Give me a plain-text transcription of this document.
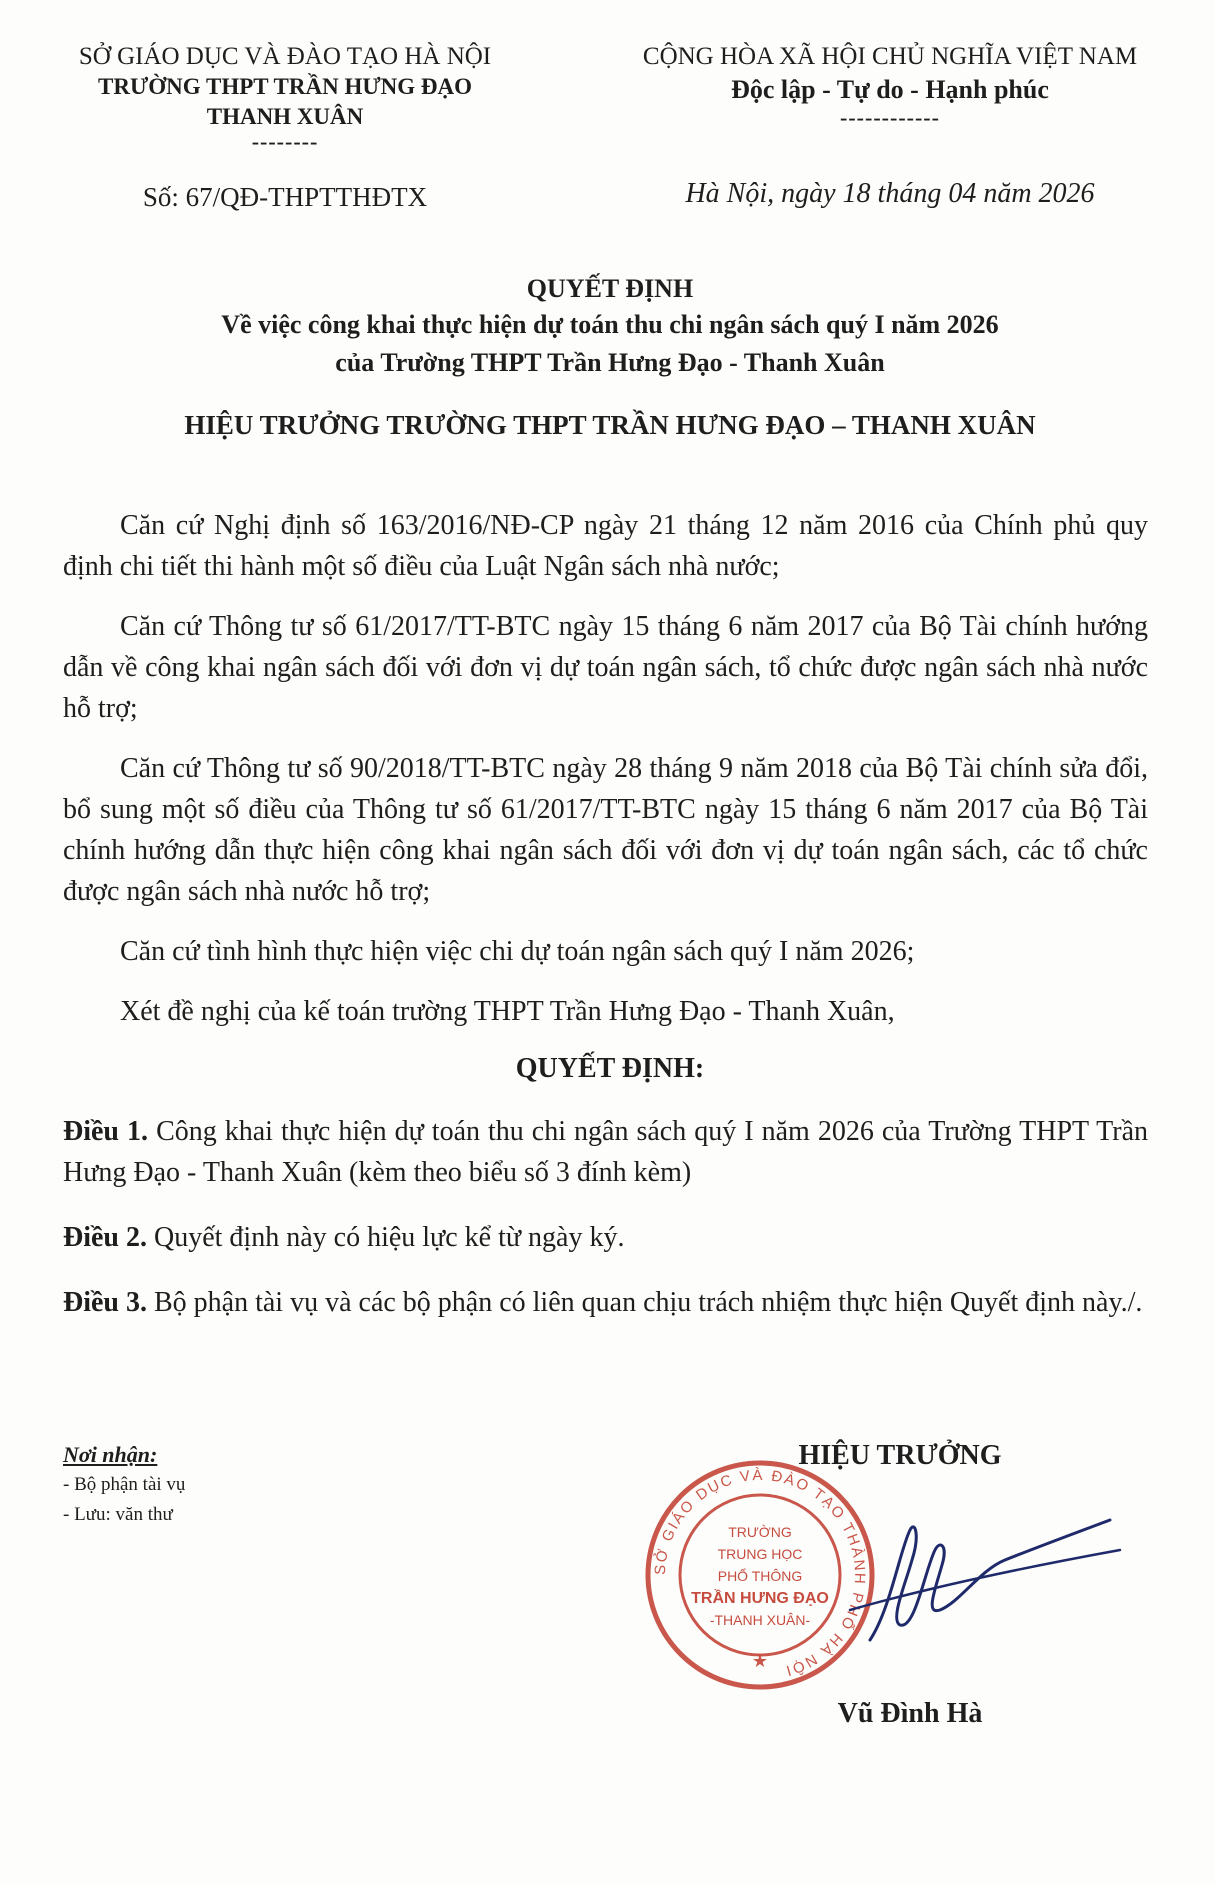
SỞ GIÁO DỤC VÀ ĐÀO TẠO HÀ NỘI
TRƯỜNG THPT TRẦN HƯNG ĐẠO
THANH XUÂN
--------
Số: 67/QĐ-THPTTHĐTX
CỘNG HÒA XÃ HỘI CHỦ NGHĨA VIỆT NAM
Độc lập - Tự do - Hạnh phúc
------------
Hà Nội, ngày 18 tháng 04 năm 2026
QUYẾT ĐỊNH
Về việc công khai thực hiện dự toán thu chi ngân sách quý I năm 2026
của Trường THPT Trần Hưng Đạo - Thanh Xuân
HIỆU TRƯỞNG TRƯỜNG THPT TRẦN HƯNG ĐẠO – THANH XUÂN

Căn cứ Nghị định số 163/2016/NĐ-CP ngày 21 tháng 12 năm 2016 của Chính phủ quy định chi tiết thi hành một số điều của Luật Ngân sách nhà nước;

Căn cứ Thông tư số 61/2017/TT-BTC ngày 15 tháng 6 năm 2017 của Bộ Tài chính hướng dẫn về công khai ngân sách đối với đơn vị dự toán ngân sách, tổ chức được ngân sách nhà nước hỗ trợ;

Căn cứ Thông tư số 90/2018/TT-BTC ngày 28 tháng 9 năm 2018 của Bộ Tài chính sửa đổi, bổ sung một số điều của Thông tư số 61/2017/TT-BTC ngày 15 tháng 6 năm 2017 của Bộ Tài chính hướng dẫn thực hiện công khai ngân sách đối với đơn vị dự toán ngân sách, các tổ chức được ngân sách nhà nước hỗ trợ;

Căn cứ tình hình thực hiện việc chi dự toán ngân sách quý I năm 2026;

Xét đề nghị của kế toán trường THPT Trần Hưng Đạo - Thanh Xuân,

QUYẾT ĐỊNH:

Điều 1. Công khai thực hiện dự toán thu chi ngân sách quý I năm 2026 của Trường THPT Trần Hưng Đạo - Thanh Xuân (kèm theo biểu số 3 đính kèm)

Điều 2. Quyết định này có hiệu lực kể từ ngày ký.

Điều 3. Bộ phận tài vụ và các bộ phận có liên quan chịu trách nhiệm thực hiện Quyết định này./.

Nơi nhận:
- Bộ phận tài vụ
- Lưu: văn thư
HIỆU TRƯỞNG
SỞ GIÁO DỤC VÀ ĐÀO TẠO THÀNH PHỐ HÀ NỘI
TRƯỜNG
TRUNG HỌC
PHỔ THÔNG
TRẦN HƯNG ĐẠO
-THANH XUÂN-
★
Vũ Đình Hà
